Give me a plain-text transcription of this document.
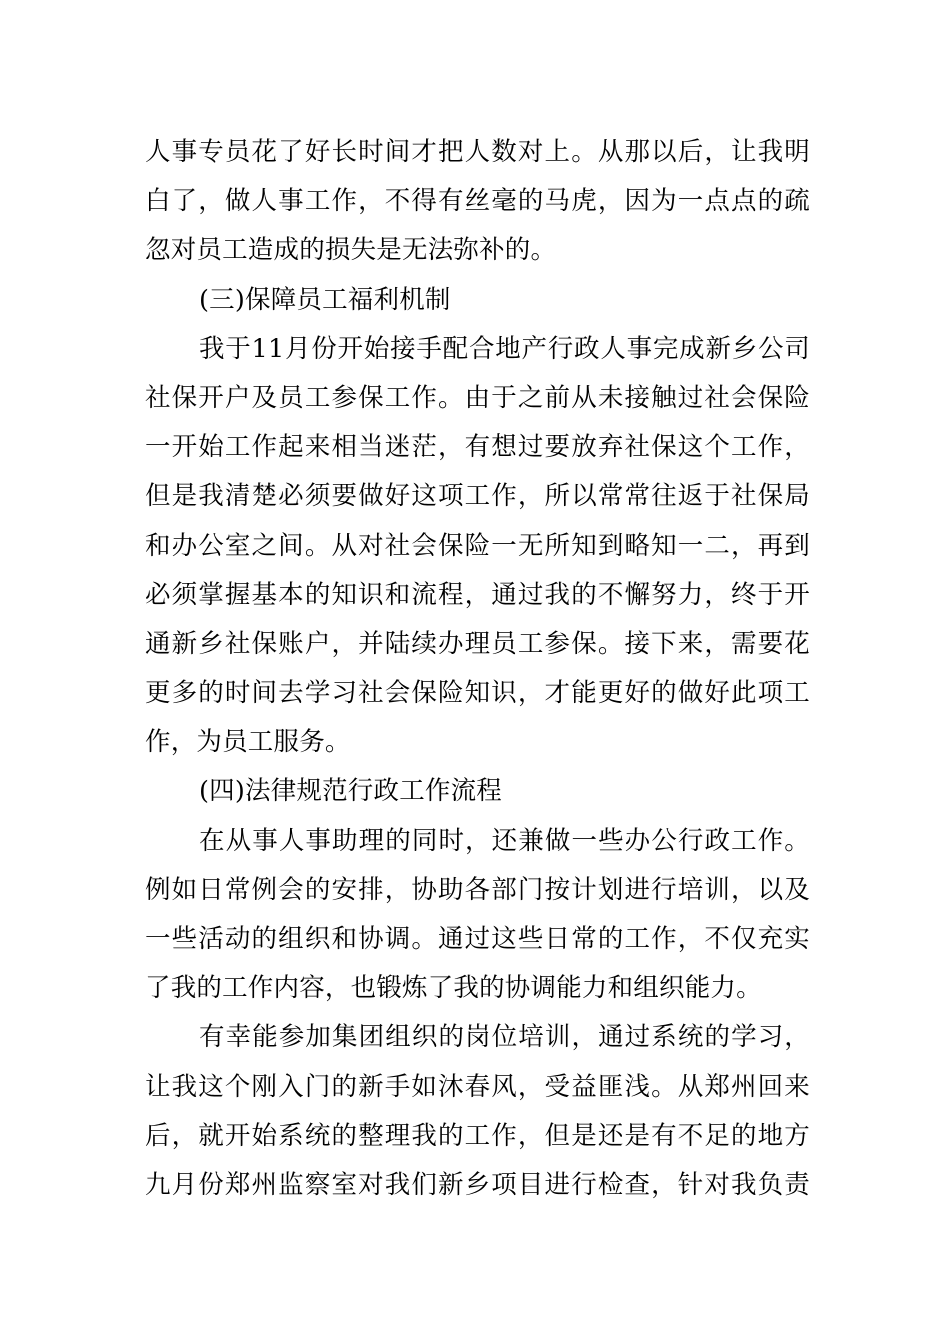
人事专员花了好长时间才把人数对上。从那以后，让我明

白了，做人事工作，不得有丝毫的马虎，因为一点点的疏

忽对员工造成的损失是无法弥补的。

(三)保障员工福利机制

我于11月份开始接手配合地产行政人事完成新乡公司

社保开户及员工参保工作。由于之前从未接触过社会保险

一开始工作起来相当迷茫，有想过要放弃社保这个工作，

但是我清楚必须要做好这项工作，所以常常往返于社保局

和办公室之间。从对社会保险一无所知到略知一二，再到

必须掌握基本的知识和流程，通过我的不懈努力，终于开

通新乡社保账户，并陆续办理员工参保。接下来，需要花

更多的时间去学习社会保险知识，才能更好的做好此项工

作，为员工服务。

(四)法律规范行政工作流程

在从事人事助理的同时，还兼做一些办公行政工作。

例如日常例会的安排，协助各部门按计划进行培训，以及

一些活动的组织和协调。通过这些日常的工作，不仅充实

了我的工作内容，也锻炼了我的协调能力和组织能力。

有幸能参加集团组织的岗位培训，通过系统的学习，

让我这个刚入门的新手如沐春风，受益匪浅。从郑州回来

后，就开始系统的整理我的工作，但是还是有不足的地方

九月份郑州监察室对我们新乡项目进行检查，针对我负责
